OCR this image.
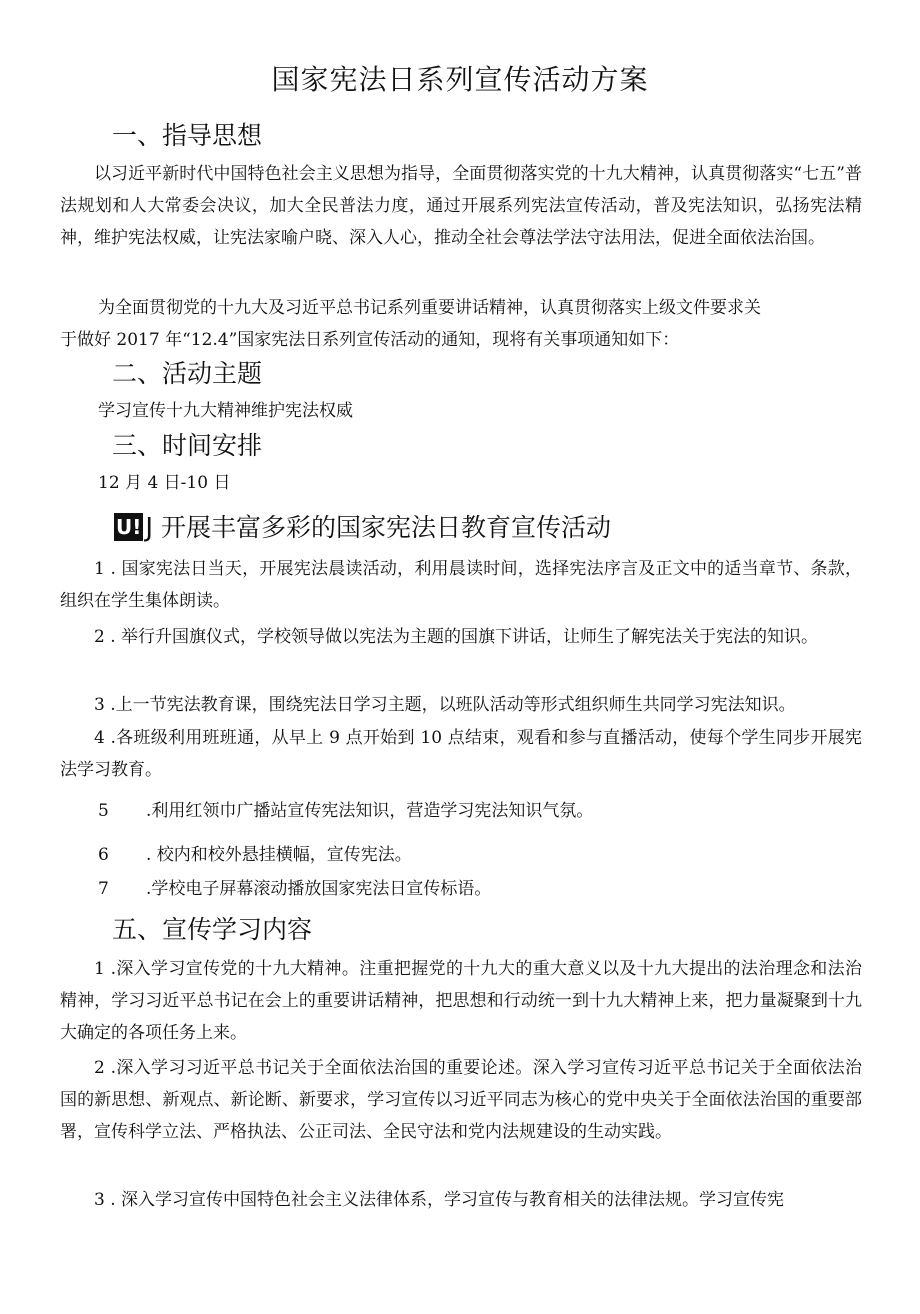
国家宪法日系列宣传活动方案
一、指导思想

以习近平新时代中国特色社会主义思想为指导，全面贯彻落实党的十九大精神，认真贯彻落实“七五”普法规划和人大常委会决议，加大全民普法力度，通过开展系列宪法宣传活动，普及宪法知识，弘扬宪法精神，维护宪法权威，让宪法家喻户晓、深入人心，推动全社会尊法学法守法用法，促进全面依法治国。

为全面贯彻党的十九大及习近平总书记系列重要讲话精神，认真贯彻落实上级文件要求关
于做好 2017 年“12.4”国家宪法日系列宣传活动的通知，现将有关事项通知如下：
二、活动主题
学习宣传十九大精神维护宪法权威
三、时间安排
12 月 4 日-10 日
U! J 开展丰富多彩的国家宪法日教育宣传活动

1 . 国家宪法日当天，开展宪法晨读活动，利用晨读时间，选择宪法序言及正文中的适当章节、条款，组织在学生集体朗读。

2 . 举行升国旗仪式，学校领导做以宪法为主题的国旗下讲话，让师生了解宪法关于宪法的知识。

3 .上一节宪法教育课，围绕宪法日学习主题，以班队活动等形式组织师生共同学习宪法知识。

4 .各班级利用班班通，从早上 9 点开始到 10 点结束，观看和参与直播活动，使每个学生同步开展宪法学习教育。

5 .利用红领巾广播站宣传宪法知识，营造学习宪法知识气氛。
6 . 校内和校外悬挂横幅，宣传宪法。
7 .学校电子屏幕滚动播放国家宪法日宣传标语。
五、宣传学习内容

1 .深入学习宣传党的十九大精神。注重把握党的十九大的重大意义以及十九大提出的法治理念和法治精神，学习习近平总书记在会上的重要讲话精神，把思想和行动统一到十九大精神上来，把力量凝聚到十九大确定的各项任务上来。

2 .深入学习习近平总书记关于全面依法治国的重要论述。深入学习宣传习近平总书记关于全面依法治国的新思想、新观点、新论断、新要求，学习宣传以习近平同志为核心的党中央关于全面依法治国的重要部署，宣传科学立法、严格执法、公正司法、全民守法和党内法规建设的生动实践。

3 . 深入学习宣传中国特色社会主义法律体系，学习宣传与教育相关的法律法规。学习宣传宪
